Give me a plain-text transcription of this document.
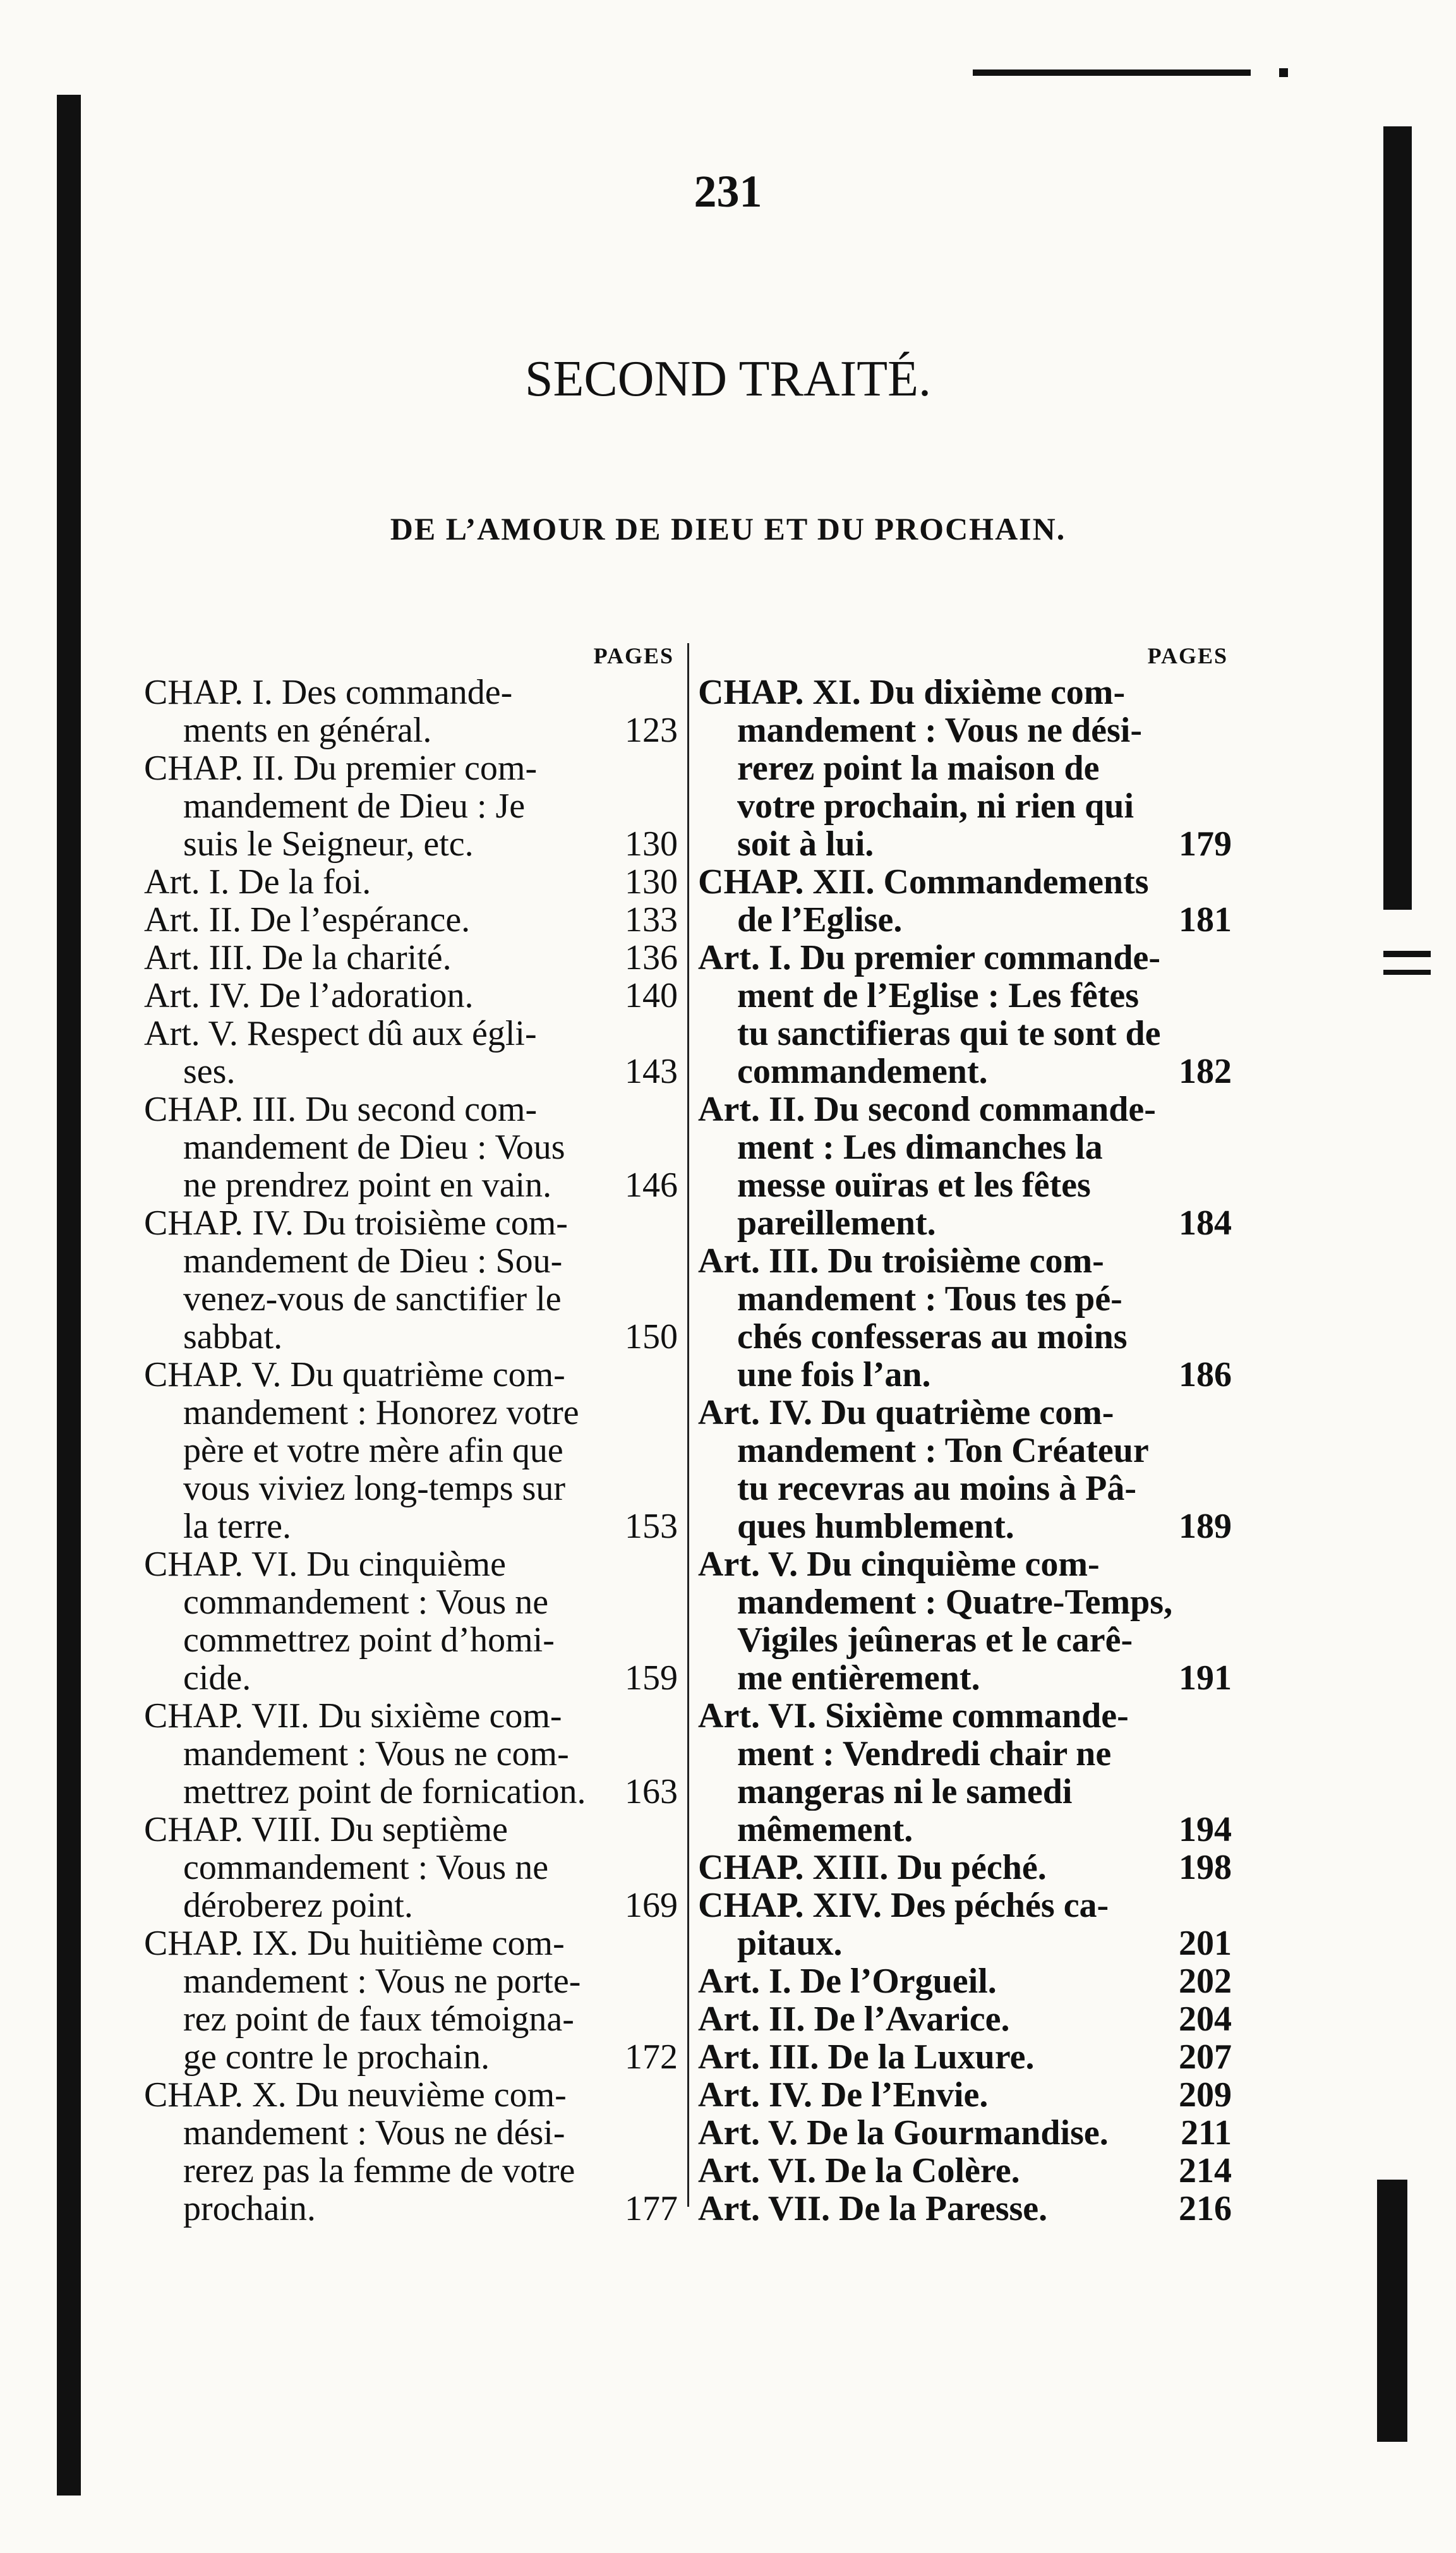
231
SECOND TRAITÉ.
DE L’AMOUR DE DIEU ET DU PROCHAIN.
PAGES
CHAP. I. Des commande-
ments en général.	123
CHAP. II. Du premier com-
mandement de Dieu : Je
suis le Seigneur, etc.	130
Art. I. De la foi.	130
Art. II. De l’espérance.	133
Art. III. De la charité.	136
Art. IV. De l’adoration.	140
Art. V. Respect dû aux égli-
ses.	143
CHAP. III. Du second com-
mandement de Dieu : Vous
ne prendrez point en vain.	146
CHAP. IV. Du troisième com-
mandement de Dieu : Sou-
venez-vous de sanctifier le
sabbat.	150
CHAP. V. Du quatrième com-
mandement : Honorez votre
père et votre mère afin que
vous viviez long-temps sur
la terre.	153
CHAP. VI. Du cinquième
commandement : Vous ne
commettrez point d’homi-
cide.	159
CHAP. VII. Du sixième com-
mandement : Vous ne com-
mettrez point de fornication.	163
CHAP. VIII. Du septième
commandement : Vous ne
déroberez point.	169
CHAP. IX. Du huitième com-
mandement : Vous ne porte-
rez point de faux témoigna-
ge contre le prochain.	172
CHAP. X. Du neuvième com-
mandement : Vous ne dési-
rerez pas la femme de votre
prochain.	177
PAGES
CHAP. XI. Du dixième com-
mandement : Vous ne dési-
rerez point la maison de
votre prochain, ni rien qui
soit à lui.	179
CHAP. XII. Commandements
de l’Eglise.	181
Art. I. Du premier commande-
ment de l’Eglise : Les fêtes
tu sanctifieras qui te sont de
commandement.	182
Art. II. Du second commande-
ment : Les dimanches la
messe ouïras et les fêtes
pareillement.	184
Art. III. Du troisième com-
mandement : Tous tes pé-
chés confesseras au moins
une fois l’an.	186
Art. IV. Du quatrième com-
mandement : Ton Créateur
tu recevras au moins à Pâ-
ques humblement.	189
Art. V. Du cinquième com-
mandement : Quatre-Temps,
Vigiles jeûneras et le carê-
me entièrement.	191
Art. VI. Sixième commande-
ment : Vendredi chair ne
mangeras ni le samedi
mêmement.	194
CHAP. XIII. Du péché.	198
CHAP. XIV. Des péchés ca-
pitaux.	201
Art. I. De l’Orgueil.	202
Art. II. De l’Avarice.	204
Art. III. De la Luxure.	207
Art. IV. De l’Envie.	209
Art. V. De la Gourmandise.	211
Art. VI. De la Colère.	214
Art. VII. De la Paresse.	216
